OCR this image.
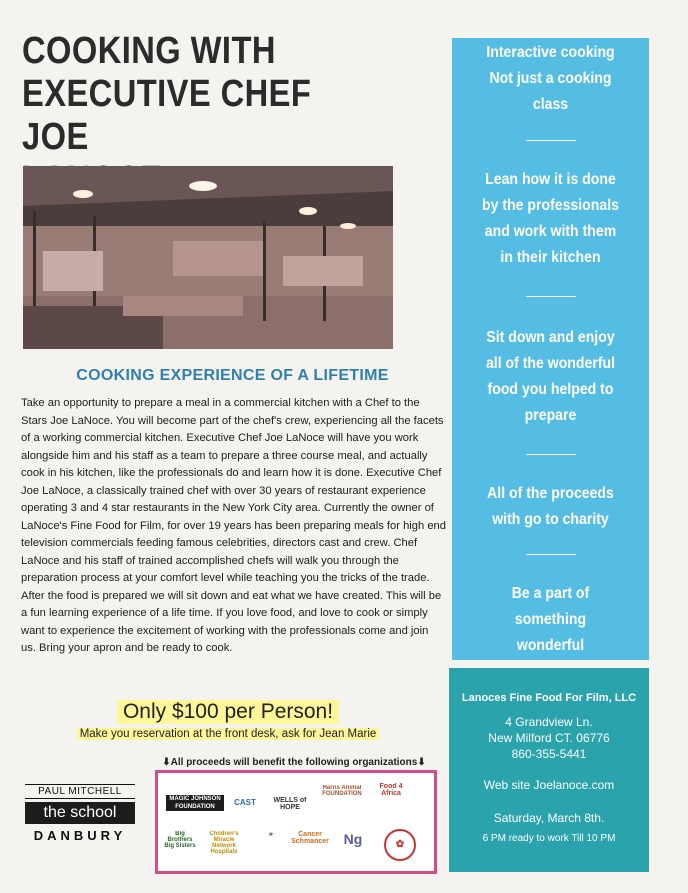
COOKING WITH
EXECUTIVE CHEF JOE

COOKING EXPERIENCE OF A LIFETIME
Take an opportunity to prepare a meal in a commercial kitchen with a Chef to the Stars Joe LaNoce. You will become part of the chef's crew, experiencing all the facets of a working commercial kitchen. Executive Chef Joe LaNoce will have you work alongside him and his staff as a team to prepare a three course meal, and actually cook in his kitchen, like the professionals do and learn how it is done. Executive Chef Joe LaNoce, a classically trained chef with over 30 years of restaurant experience operating 3 and 4 star restaurants in the New York City area. Currently the owner of LaNoce's Fine Food for Film, for over 19 years has been preparing meals for high end television commercials feeding famous celebrities, directors cast and crew. Chef LaNoce and his staff of trained accomplished chefs will walk you through the preparation process at your comfort level while teaching you the tricks of the trade. After the food is prepared we will sit down and eat what we have created. This will be a fun learning experience of a life time. If you love food, and love to cook or simply want to experience the excitement of working with the professionals come and join us. Bring your apron and be ready to cook.
Only $100 per Person!
Make you reservation at the front desk, ask for Jean Marie
Interactive cooking
Not just a cooking
class
Lean how it is done
by the professionals
and work with them
in their kitchen
Sit down and enjoy
all of the wonderful
food you helped to
prepare
All of the proceeds
with go to charity
Be a part of
something
wonderful
Lanoces Fine Food For Film, LLC
4 Grandview Ln.
New Milford CT. 06776
860-355-5441
Web site Joelanoce.com
Saturday, March 8th.
6 PM ready to work Till 10 PM
⬇All proceeds will benefit the following organizations⬇
MAGIC JOHNSON FOUNDATION	CAST	WELLS of HOPE
Harris Animal FOUNDATION
Food 4 Africa
Big Brothers Big Sisters
Children's Miracle Network Hospitals
★	Cancer Schmancer	Ng	✿
PAUL MITCHELL
the school
DANBURY
